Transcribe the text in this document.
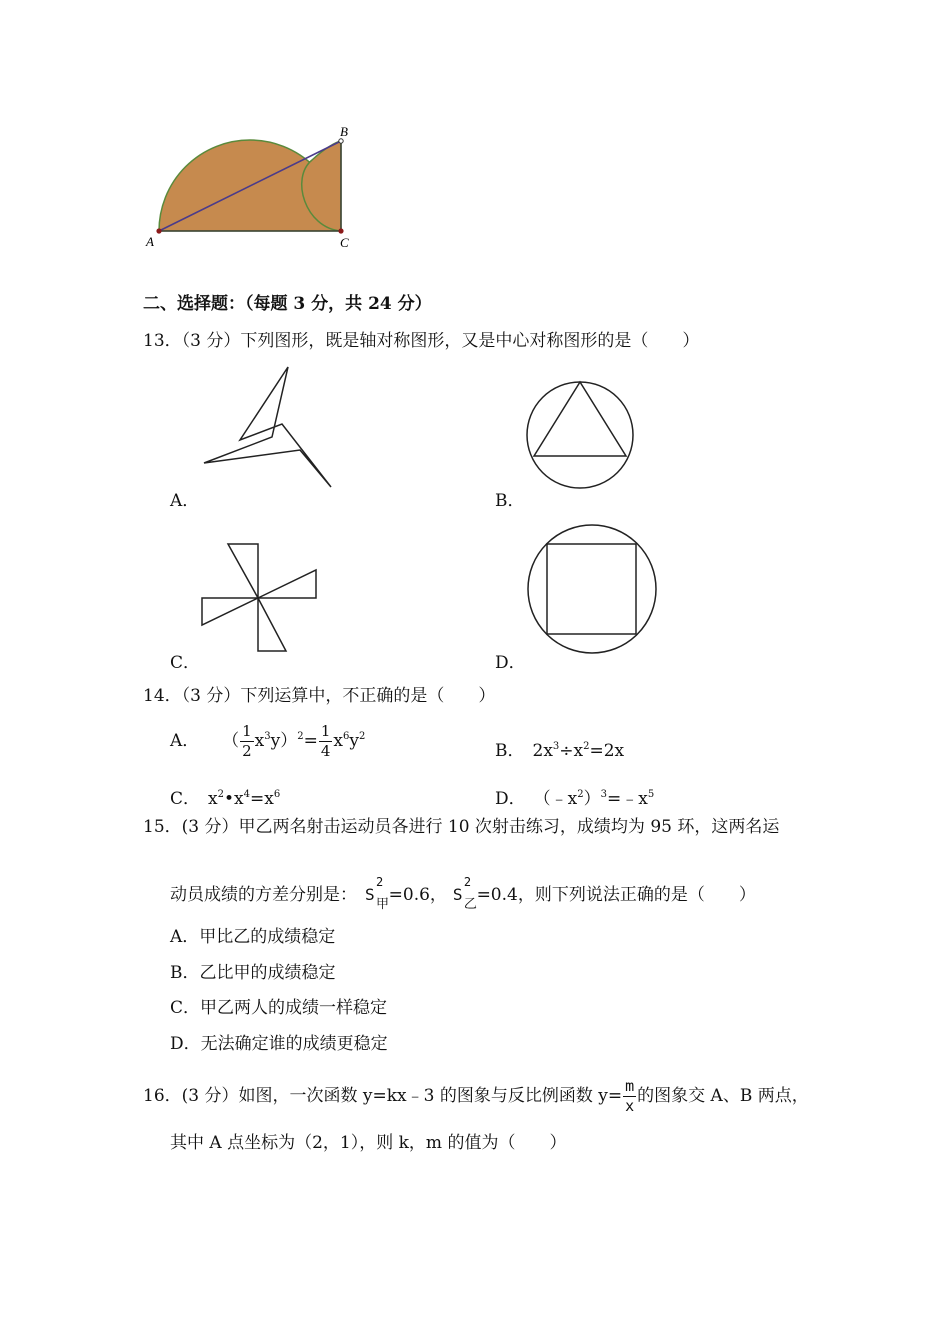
A
B
C
二、选择题：（每题 3 分，共 24 分）
13．（3 分）下列图形，既是轴对称图形，又是中心对称图形的是（　　）
A．	B．
C．	D．
14．（3 分）下列运算中，不正确的是（　　）
A． （ $\frac{1}{2} x^3y)^2= \frac{1}{4} x^6y^2$
B． $2x^3\div x^2=2x$
C． $x^2•x^4=x^6$	D． $(﹣x^2)^3=﹣x^5$
15．(3 分）甲乙两名射击运动员各进行 10 次射击练习，成绩均为 95 环，这两名运
动员成绩的方差分别是： S
2
甲 =0.6， S
2
乙 =0.4，则下列说法正确的是（　　）
A．甲比乙的成绩稳定
B．乙比甲的成绩稳定
C．甲乙两人的成绩一样稳定
D．无法确定谁的成绩更稳定
16．(3 分）如图，一次函数 y=kx﹣3 的图象与反比例函数 $y= \frac{m}{x}$ 的图象交 A、B 两点，
其中 A 点坐标为（2，1），则 k，m 的值为（　　）
